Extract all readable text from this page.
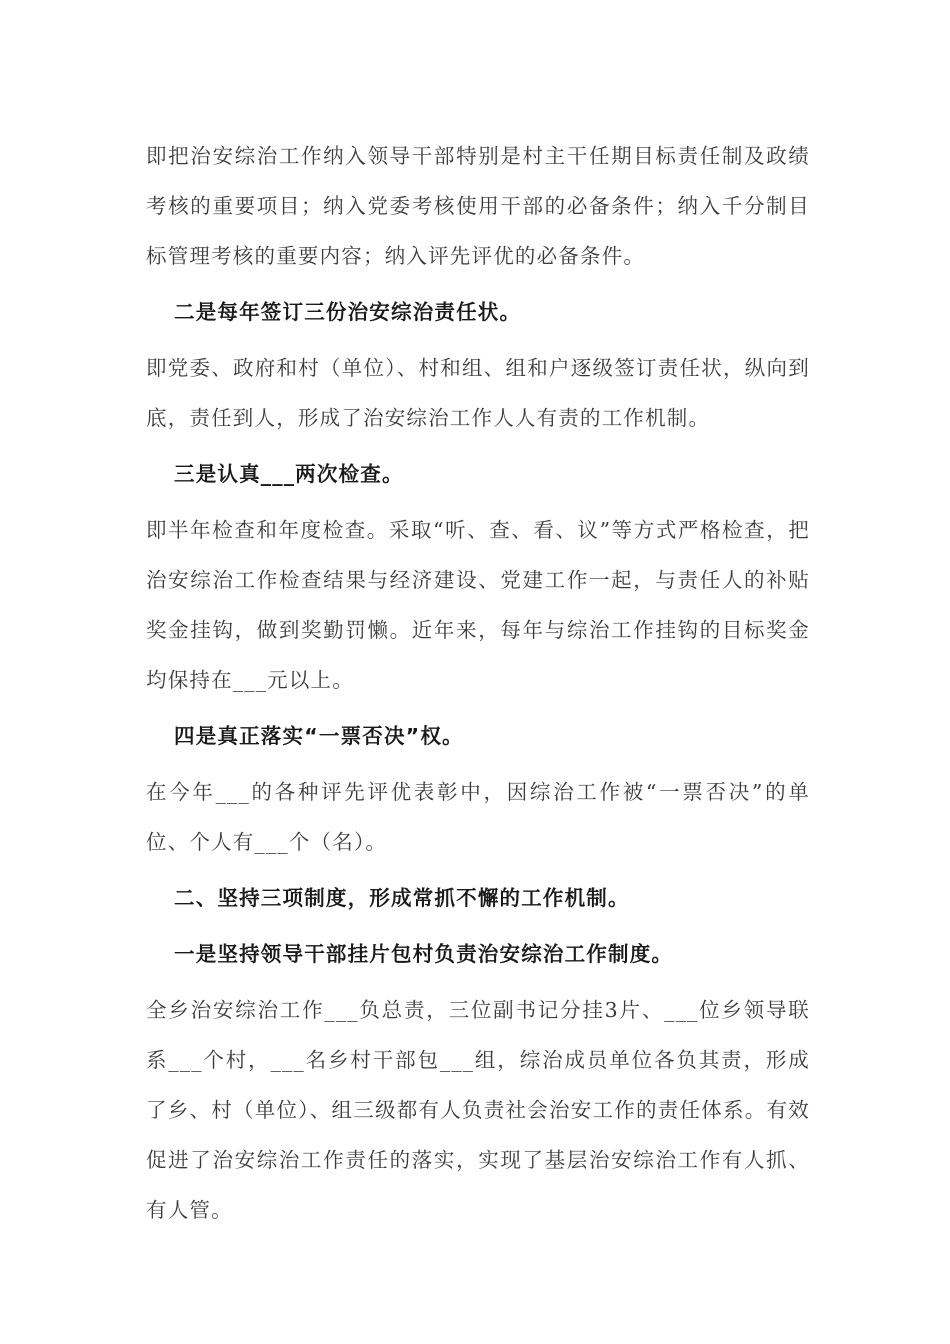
即把治安综治工作纳入领导干部特别是村主干任期目标责任制及政绩考核的重要项目；纳入党委考核使用干部的必备条件；纳入千分制目标管理考核的重要内容；纳入评先评优的必备条件。

二是每年签订三份治安综治责任状。

即党委、政府和村（单位）、村和组、组和户逐级签订责任状，纵向到底，责任到人，形成了治安综治工作人人有责的工作机制。

三是认真___两次检查。

即半年检查和年度检查。采取“听、查、看、议”等方式严格检查，把治安综治工作检查结果与经济建设、党建工作一起，与责任人的补贴奖金挂钩，做到奖勤罚懒。近年来，每年与综治工作挂钩的目标奖金均保持在___元以上。

四是真正落实“一票否决”权。

在今年___的各种评先评优表彰中，因综治工作被“一票否决”的单位、个人有___个（名）。

二、坚持三项制度，形成常抓不懈的工作机制。

一是坚持领导干部挂片包村负责治安综治工作制度。

全乡治安综治工作___负总责，三位副书记分挂3片、___位乡领导联系___个村，___名乡村干部包___组，综治成员单位各负其责，形成了乡、村（单位）、组三级都有人负责社会治安工作的责任体系。有效促进了治安综治工作责任的落实，实现了基层治安综治工作有人抓、有人管。
